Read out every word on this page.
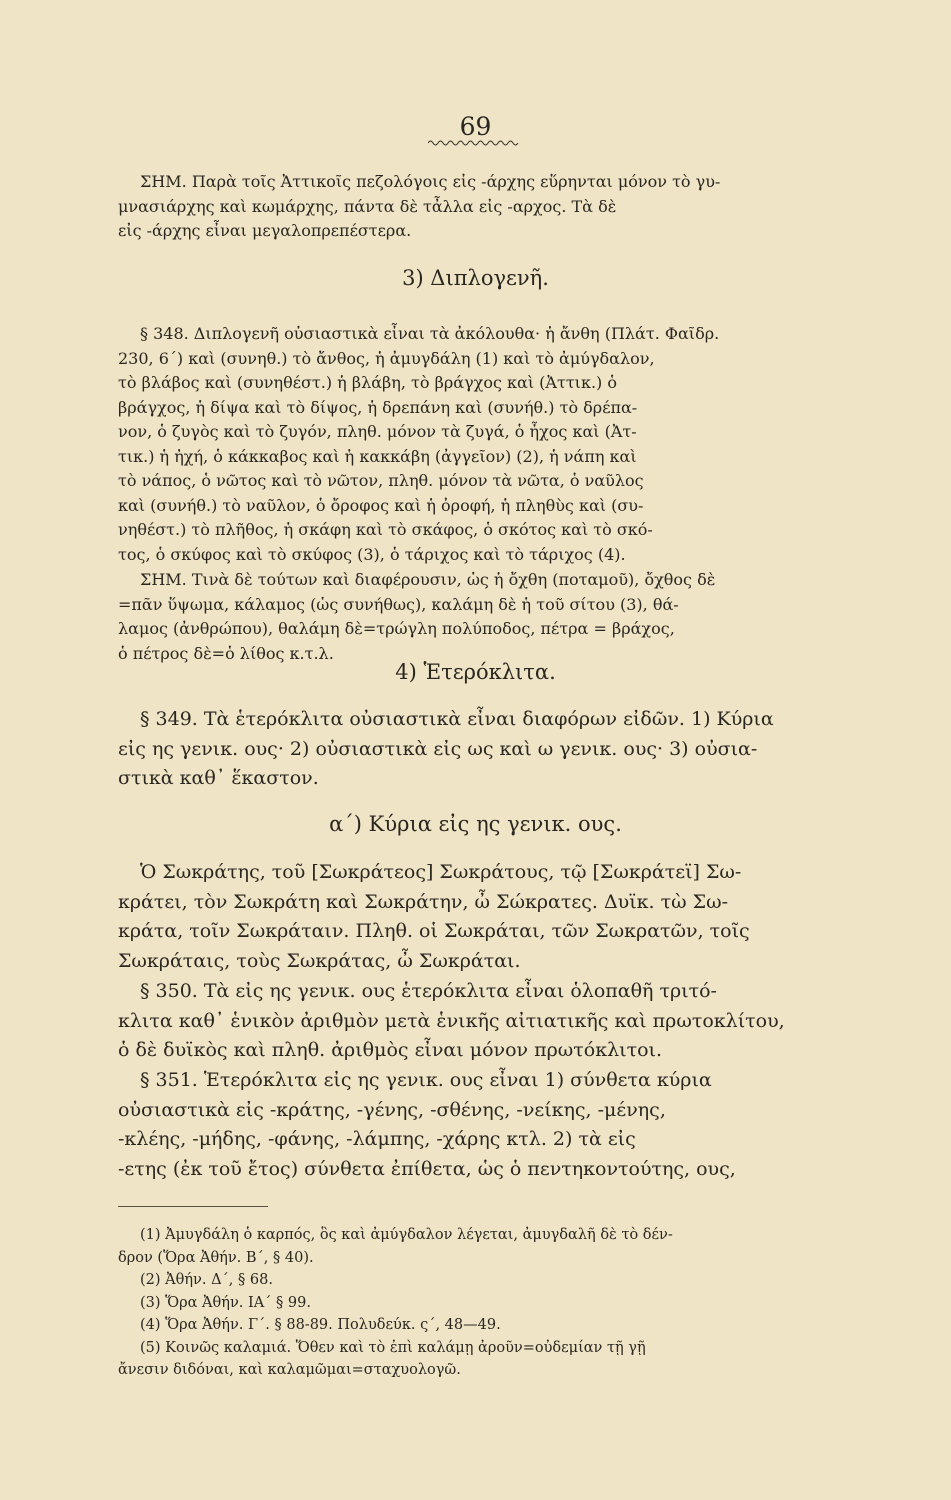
69
ΣΗΜ. Παρὰ τοῖς Ἀττικοῖς πεζολόγοις εἰς -άρχης εὕρηνται μόνον τὸ γυ-
μνασιάρχης καὶ κωμάρχης, πάντα δὲ τἆλλα εἰς -αρχος. Τὰ δὲ
εἰς -άρχης εἶναι μεγαλοπρεπέστερα.
3) Διπλογενῆ.
§ 348. Διπλογενῆ οὐσιαστικὰ εἶναι τὰ ἀκόλουθα· ἡ ἄνθη (Πλάτ. Φαῖδρ.
230, 6΄) καὶ (συνηθ.) τὸ ἄνθος, ἡ ἀμυγδάλη (1) καὶ τὸ ἀμύγδαλον,
τὸ βλάβος καὶ (συνηθέστ.) ἡ βλάβη, τὸ βράγχος καὶ (Ἀττικ.) ὁ
βράγχος, ἡ δίψα καὶ τὸ δίψος, ἡ δρεπάνη καὶ (συνήθ.) τὸ δρέπα-
νον, ὁ ζυγὸς καὶ τὸ ζυγόν, πληθ. μόνον τὰ ζυγά, ὁ ἦχος καὶ (Ἀτ-
τικ.) ἡ ἠχή, ὁ κάκκαβος καὶ ἡ κακκάβη (ἀγγεῖον) (2), ἡ νάπη καὶ
τὸ νάπος, ὁ νῶτος καὶ τὸ νῶτον, πληθ. μόνον τὰ νῶτα, ὁ ναῦλος
καὶ (συνήθ.) τὸ ναῦλον, ὁ ὄροφος καὶ ἡ ὀροφή, ἡ πληθὺς καὶ (συ-
νηθέστ.) τὸ πλῆθος, ἡ σκάφη καὶ τὸ σκάφος, ὁ σκότος καὶ τὸ σκό-
τος, ὁ σκύφος καὶ τὸ σκύφος (3), ὁ τάριχος καὶ τὸ τάριχος (4).
ΣΗΜ. Τινὰ δὲ τούτων καὶ διαφέρουσιν, ὡς ἡ ὄχθη (ποταμοῦ), ὄχθος δὲ
=πᾶν ὕψωμα, κάλαμος (ὡς συνήθως), καλάμη δὲ ἡ τοῦ σίτου (3), θά-
λαμος (ἀνθρώπου), θαλάμη δὲ=τρώγλη πολύποδος, πέτρα = βράχος,
ὁ πέτρος δὲ=ὁ λίθος κ.τ.λ.
4) Ἑτερόκλιτα.
§ 349. Τὰ ἑτερόκλιτα οὐσιαστικὰ εἶναι διαφόρων εἰδῶν. 1) Κύρια
εἰς ης γενικ. ους· 2) οὐσιαστικὰ εἰς ως καὶ ω γενικ. ους· 3) οὐσια-
στικὰ καθ᾽ ἕκαστον.
α΄) Κύρια εἰς ης γενικ. ους.
Ὁ Σωκράτης, τοῦ [Σωκράτεος] Σωκράτους, τῷ [Σωκράτεϊ] Σω-
κράτει, τὸν Σωκράτη καὶ Σωκράτην, ὦ Σώκρατες. Δυϊκ. τὼ Σω-
κράτα, τοῖν Σωκράταιν. Πληθ. οἱ Σωκράται, τῶν Σωκρατῶν, τοῖς
Σωκράταις, τοὺς Σωκράτας, ὦ Σωκράται.
§ 350. Τὰ εἰς ης γενικ. ους ἑτερόκλιτα εἶναι ὁλοπαθῆ τριτό-
κλιτα καθ᾽ ἑνικὸν ἀριθμὸν μετὰ ἑνικῆς αἰτιατικῆς καὶ πρωτοκλίτου,
ὁ δὲ δυϊκὸς καὶ πληθ. ἀριθμὸς εἶναι μόνον πρωτόκλιτοι.
§ 351. Ἑτερόκλιτα εἰς ης γενικ. ους εἶναι 1) σύνθετα κύρια
οὐσιαστικὰ εἰς -κράτης, -γένης, -σθένης, -νείκης, -μένης,
-κλέης, -μήδης, -φάνης, -λάμπης, -χάρης κτλ. 2) τὰ εἰς
-ετης (ἐκ τοῦ ἔτος) σύνθετα ἐπίθετα, ὡς ὁ πεντηκοντούτης, ους,
(1) Ἀμυγδάλη ὁ καρπός, ὃς καὶ ἀμύγδαλον λέγεται, ἀμυγδαλῆ δὲ τὸ δέν-
δρον (Ὅρα Ἀθήν. Β΄, § 40).
(2) Ἀθήν. Δ΄, § 68.
(3) Ὅρα Ἀθήν. ΙΑ΄ § 99.
(4) Ὅρα Ἀθήν. Γ΄. § 88-89. Πολυδεύκ. ς΄, 48—49.
(5) Κοινῶς καλαμιά. Ὅθεν καὶ τὸ ἐπὶ καλάμῃ ἀροῦν=οὐδεμίαν τῇ γῇ
ἄνεσιν διδόναι, καὶ καλαμῶμαι=σταχυολογῶ.
